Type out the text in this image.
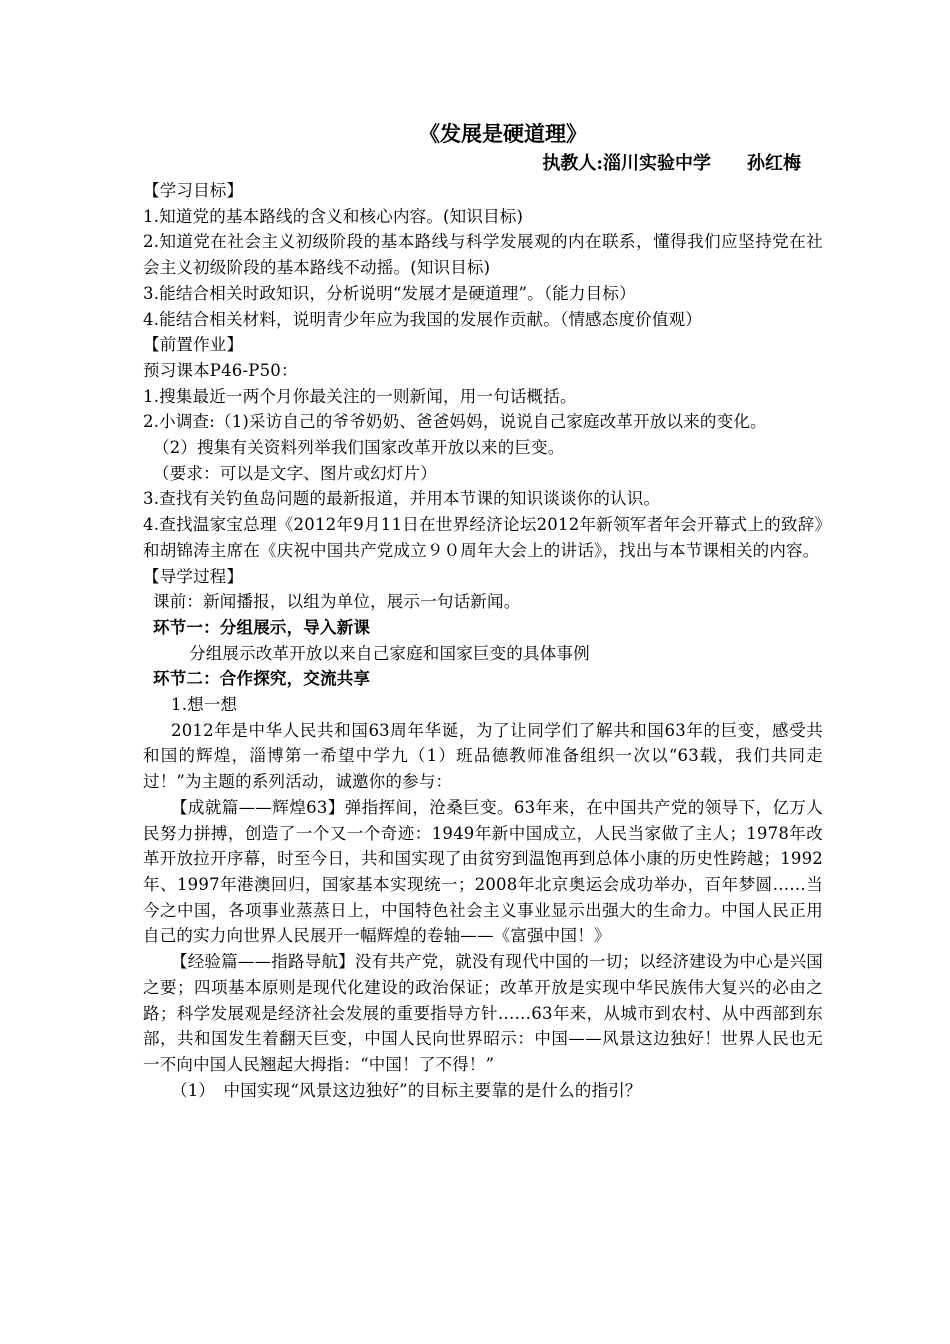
《发展是硬道理》
执教人:淄川实验中学　　孙红梅
【学习目标】
1.知道党的基本路线的含义和核心内容。(知识目标)
2.知道党在社会主义初级阶段的基本路线与科学发展观的内在联系，懂得我们应坚持党在社会主义初级阶段的基本路线不动摇。(知识目标)
3.能结合相关时政知识，分析说明“发展才是硬道理”。（能力目标）
4.能结合相关材料，说明青少年应为我国的发展作贡献。（情感态度价值观）
【前置作业】
预习课本P46-P50：
1.搜集最近一两个月你最关注的一则新闻，用一句话概括。
2.小调查:（1)采访自己的爷爷奶奶、爸爸妈妈，说说自己家庭改革开放以来的变化。
（2）搜集有关资料列举我们国家改革开放以来的巨变。
（要求：可以是文字、图片或幻灯片）
3.查找有关钓鱼岛问题的最新报道，并用本节课的知识谈谈你的认识。
4.查找温家宝总理《2012年9月11日在世界经济论坛2012年新领军者年会开幕式上的致辞》和胡锦涛主席在《庆祝中国共产党成立９０周年大会上的讲话》，找出与本节课相关的内容。
【导学过程】
课前：新闻播报，以组为单位，展示一句话新闻。
环节一：分组展示，导入新课
分组展示改革开放以来自己家庭和国家巨变的具体事例
环节二：合作探究，交流共享
1.想一想
2012年是中华人民共和国63周年华诞，为了让同学们了解共和国63年的巨变，感受共和国的辉煌，淄博第一希望中学九（1）班品德教师准备组织一次以“63载，我们共同走过！”为主题的系列活动，诚邀你的参与：
【成就篇——辉煌63】弹指挥间，沧桑巨变。63年来，在中国共产党的领导下，亿万人民努力拼搏，创造了一个又一个奇迹：1949年新中国成立，人民当家做了主人；1978年改革开放拉开序幕，时至今日，共和国实现了由贫穷到温饱再到总体小康的历史性跨越；1992年、1997年港澳回归，国家基本实现统一；2008年北京奥运会成功举办，百年梦圆……当今之中国，各项事业蒸蒸日上，中国特色社会主义事业显示出强大的生命力。中国人民正用自己的实力向世界人民展开一幅辉煌的卷轴——《富强中国！》
【经验篇——指路导航】没有共产党，就没有现代中国的一切；以经济建设为中心是兴国之要；四项基本原则是现代化建设的政治保证；改革开放是实现中华民族伟大复兴的必由之路；科学发展观是经济社会发展的重要指导方针……63年来，从城市到农村、从中西部到东部，共和国发生着翻天巨变，中国人民向世界昭示：中国——风景这边独好！世界人民也无一不向中国人民翘起大拇指：“中国！了不得！”
（1）　中国实现“风景这边独好”的目标主要靠的是什么的指引？
